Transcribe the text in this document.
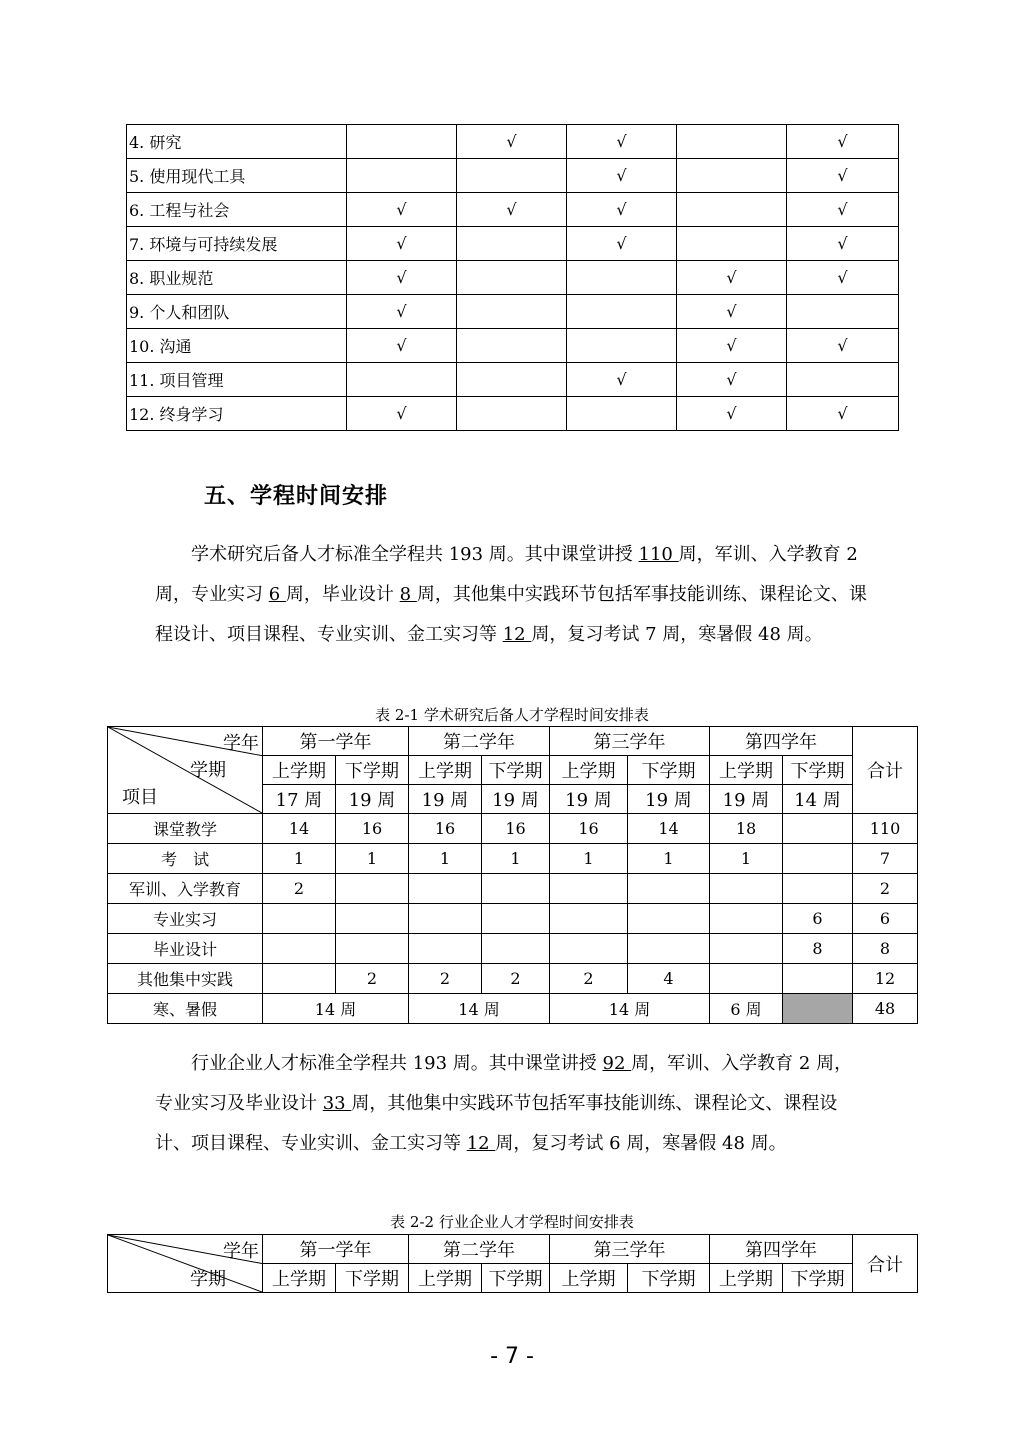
4. 研究		√	√		√
5. 使用现代工具			√		√
6. 工程与社会	√	√	√		√
7. 环境与可持续发展	√		√		√
8. 职业规范	√			√	√
9. 个人和团队	√			√	
10. 沟通	√			√	√
11. 项目管理			√	√	
12. 终身学习	√			√	√
五、学程时间安排

学术研究后备人才标准全学程共 193 周。其中课堂讲授 110 周，军训、入学教育 2 周，专业实习 6 周，毕业设计 8 周，其他集中实践环节包括军事技能训练、课程论文、课程设计、项目课程、专业实训、金工实习等 12 周，复习考试 7 周，寒暑假 48 周。

表 2-1 学术研究后备人才学程时间安排表

学年
学期
项目	第一学年		第二学年		第三学年		第四学年		合计
	上学期	下学期	上学期	下学期	上学期	下学期	上学期	下学期	
	17 周	19 周	19 周	19 周	19 周	19 周	19 周	14 周	
课堂教学	14	16	16	16	16	14	18		110
考　试	1	1	1	1	1	1	1		7
军训、入学教育	2								2
专业实习								6	6
毕业设计								8	8
其他集中实践		2	2	2	2	4			12
寒、暑假	14 周		14 周		14 周		6 周		48

行业企业人才标准全学程共 193 周。其中课堂讲授 92 周，军训、入学教育 2 周，专业实习及毕业设计 33 周，其他集中实践环节包括军事技能训练、课程论文、课程设计、项目课程、专业实训、金工实习等 12 周，复习考试 6 周，寒暑假 48 周。

表 2-2 行业企业人才学程时间安排表

学年
学期	第一学年		第二学年		第三学年		第四学年		合计
	上学期	下学期	上学期	下学期	上学期	下学期	上学期	下学期	
- 7 -
